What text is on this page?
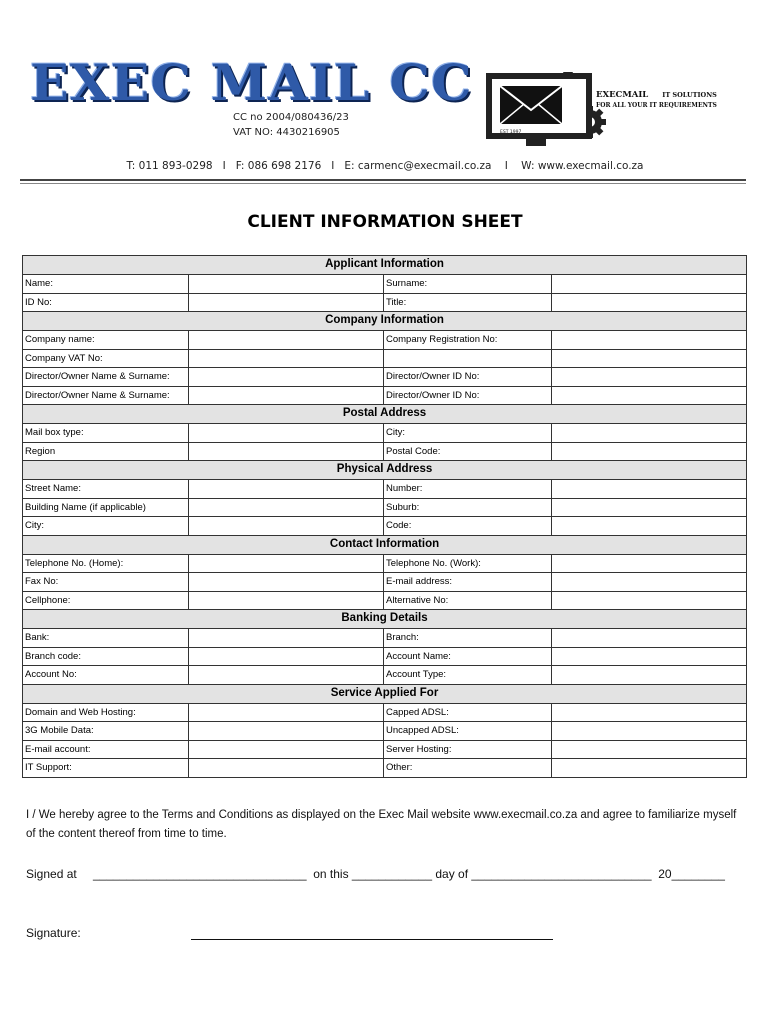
EXEC MAIL CC
CC no 2004/080436/23
VAT NO: 4430216905	EST 1997
EXECMAIL IT SOLUTIONS
FOR ALL YOUR IT REQUIREMENTS
T: 011 893-0298   I   F: 086 698 2176   I   E: carmenc@execmail.co.za    I    W: www.execmail.co.za
CLIENT INFORMATION SHEET
Applicant Information			
Name:		Surname:	
ID No:		Title:	
Company Information			
Company name:		Company Registration No:	
Company VAT No:			
Director/Owner Name & Surname:		Director/Owner ID No:	
Director/Owner Name & Surname:		Director/Owner ID No:	
Postal Address			
Mail box type:		City:	
Region		Postal Code:	
Physical Address			
Street Name:		Number:	
Building Name (if applicable)		Suburb:	
City:		Code:	
Contact Information			
Telephone No. (Home):		Telephone No. (Work):	
Fax No:		E-mail address:	
Cellphone:		Alternative No:	
Banking Details			
Bank:		Branch:	
Branch code:		Account Name:	
Account No:		Account Type:	
Service Applied For			
Domain and Web Hosting:		Capped ADSL:	
3G Mobile Data:		Uncapped ADSL:	
E-mail account:		Server Hosting:	
IT Support:		Other:	
I / We hereby agree to the Terms and Conditions as displayed on the Exec Mail website www.execmail.co.za and agree to familiarize myself of the content thereof from time to time.
Signed at ________________________________  on this ____________ day of ___________________________  20________
Signature:
